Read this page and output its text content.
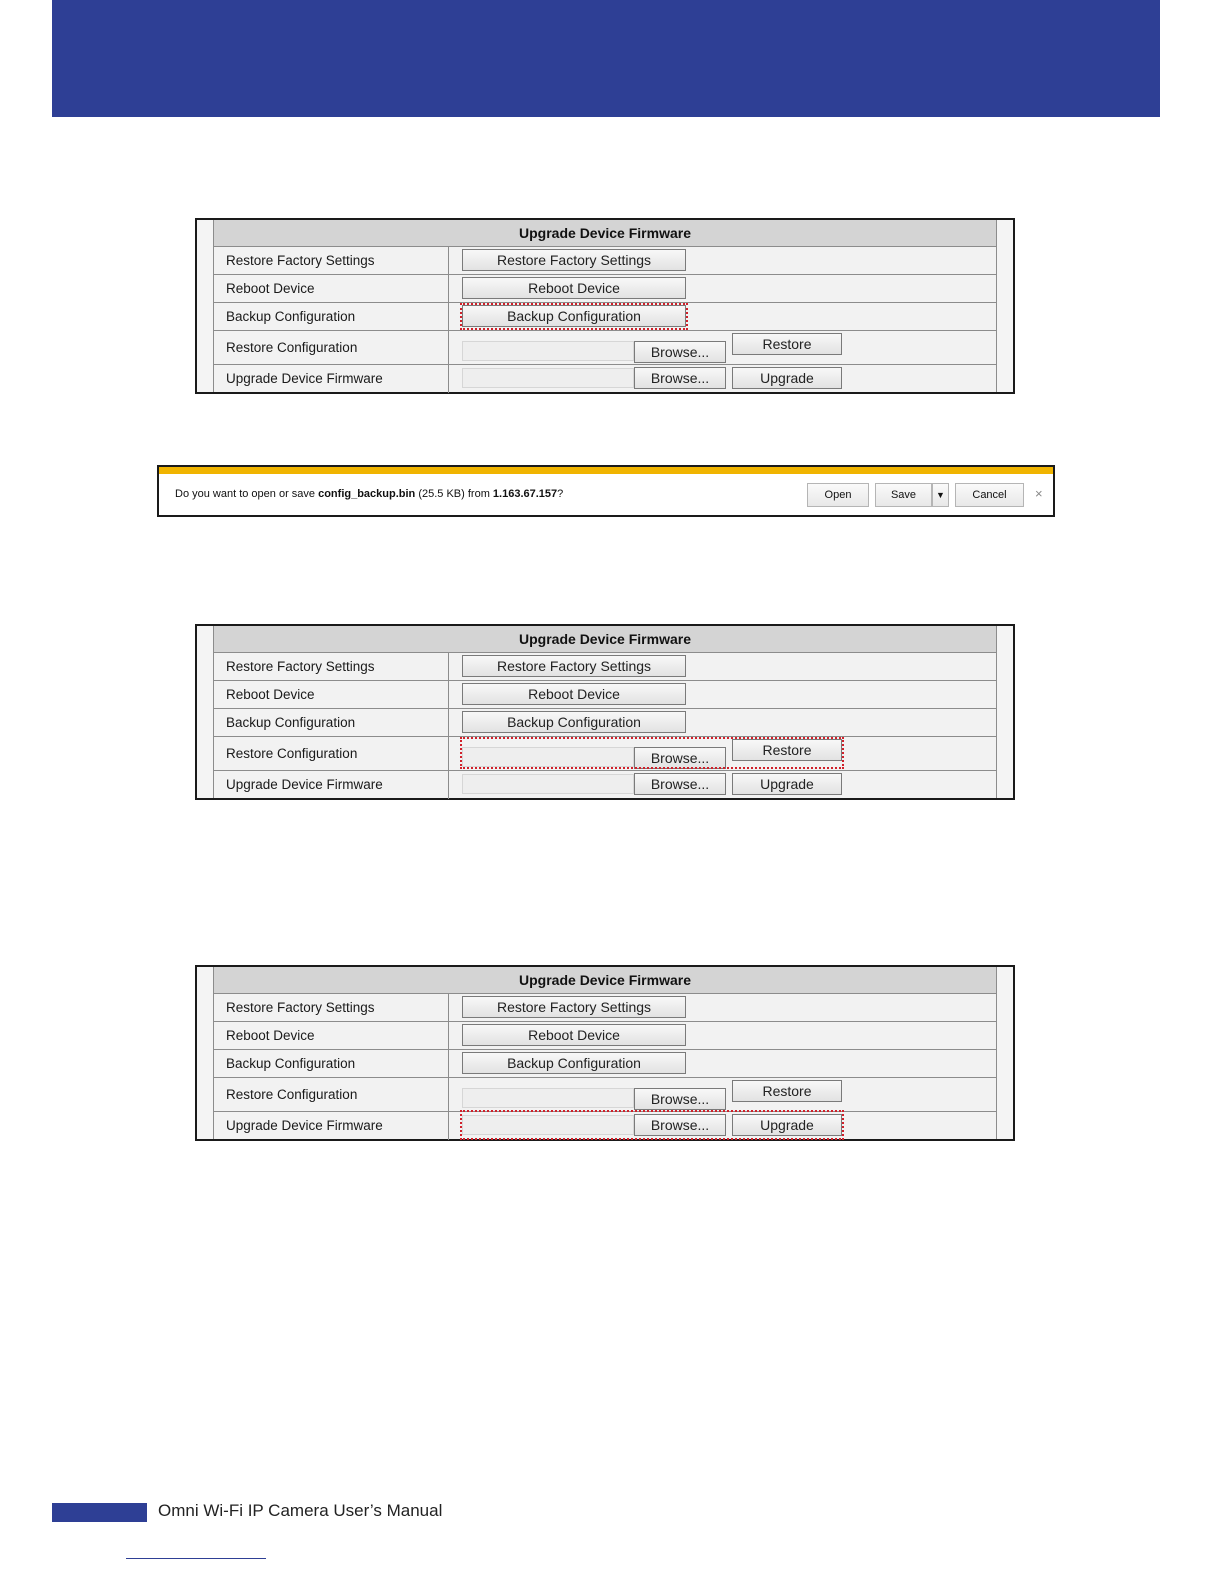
Upgrade Device Firmware
Restore Factory Settings	Restore Factory Settings
Reboot Device	Reboot Device
Backup Configuration	Backup Configuration
Restore Configuration	Browse...	Restore
Upgrade Device Firmware	Browse...	Upgrade
Do you want to open or save config_backup.bin (25.5 KB) from 1.163.67.157?	Open	Save	▼	Cancel	×
Upgrade Device Firmware
Restore Factory Settings	Restore Factory Settings
Reboot Device	Reboot Device
Backup Configuration	Backup Configuration
Restore Configuration	Browse...	Restore
Upgrade Device Firmware	Browse...	Upgrade
Upgrade Device Firmware
Restore Factory Settings	Restore Factory Settings
Reboot Device	Reboot Device
Backup Configuration	Backup Configuration
Restore Configuration	Browse...	Restore
Upgrade Device Firmware	Browse...	Upgrade
Omni Wi-Fi IP Camera User’s Manual
